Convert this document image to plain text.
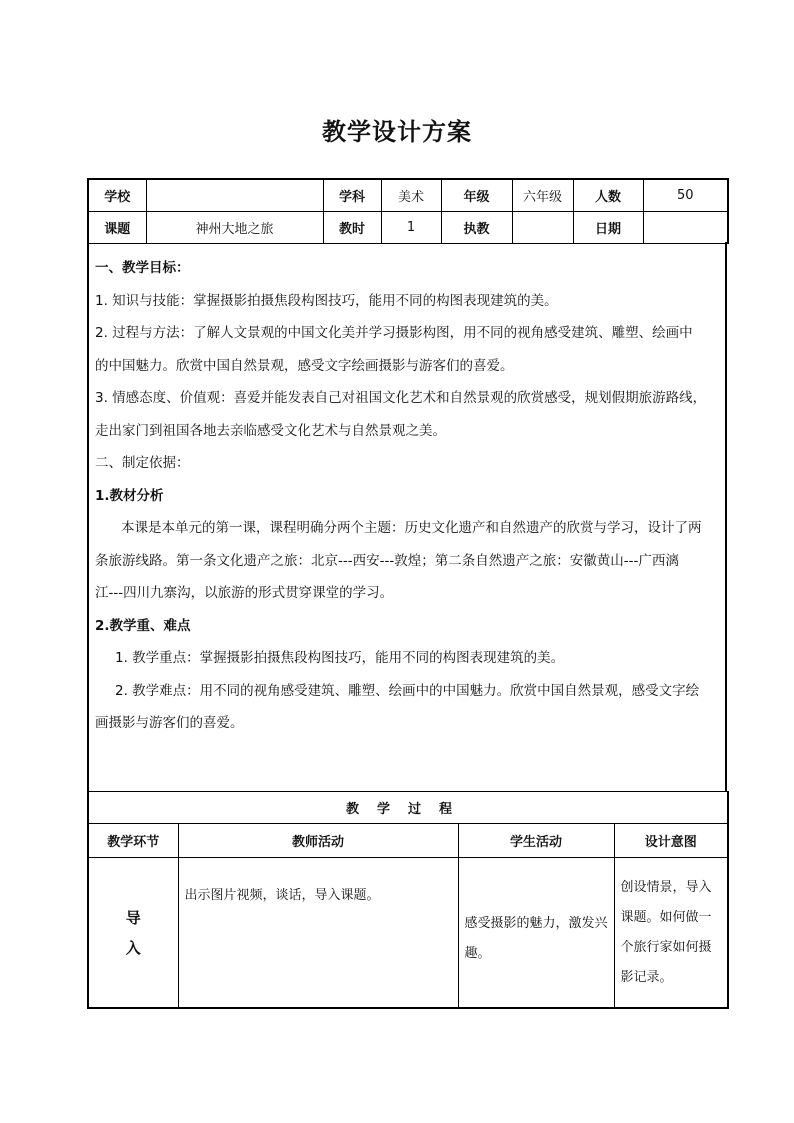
教学设计方案
学校		学科	美术	年级	六年级	人数	50
课题	神州大地之旅	教时	1	执教		日期	

一、教学目标：

1. 知识与技能：掌握摄影拍摄焦段构图技巧，能用不同的构图表现建筑的美。

2. 过程与方法：了解人文景观的中国文化美并学习摄影构图，用不同的视角感受建筑、雕塑、绘画中

的中国魅力。欣赏中国自然景观，感受文字绘画摄影与游客们的喜爱。

3. 情感态度、价值观：喜爱并能发表自己对祖国文化艺术和自然景观的欣赏感受，规划假期旅游路线，

走出家门到祖国各地去亲临感受文化艺术与自然景观之美。

二、制定依据：

1.教材分析

本课是本单元的第一课，课程明确分两个主题：历史文化遗产和自然遗产的欣赏与学习，设计了两

条旅游线路。第一条文化遗产之旅：北京---西安---敦煌；第二条自然遗产之旅：安徽黄山---广西漓

江---四川九寨沟，以旅游的形式贯穿课堂的学习。

2.教学重、难点

1. 教学重点：掌握摄影拍摄焦段构图技巧，能用不同的构图表现建筑的美。

2. 教学难点：用不同的视角感受建筑、雕塑、绘画中的中国魅力。欣赏中国自然景观，感受文字绘

画摄影与游客们的喜爱。

教学过程			
教学环节	教师活动	学生活动	设计意图

导
入	出示图片视频，谈话，导入课题。	感受摄影的魅力，激发兴趣。	创设情景，导入课题。如何做一个旅行家如何摄影记录。
